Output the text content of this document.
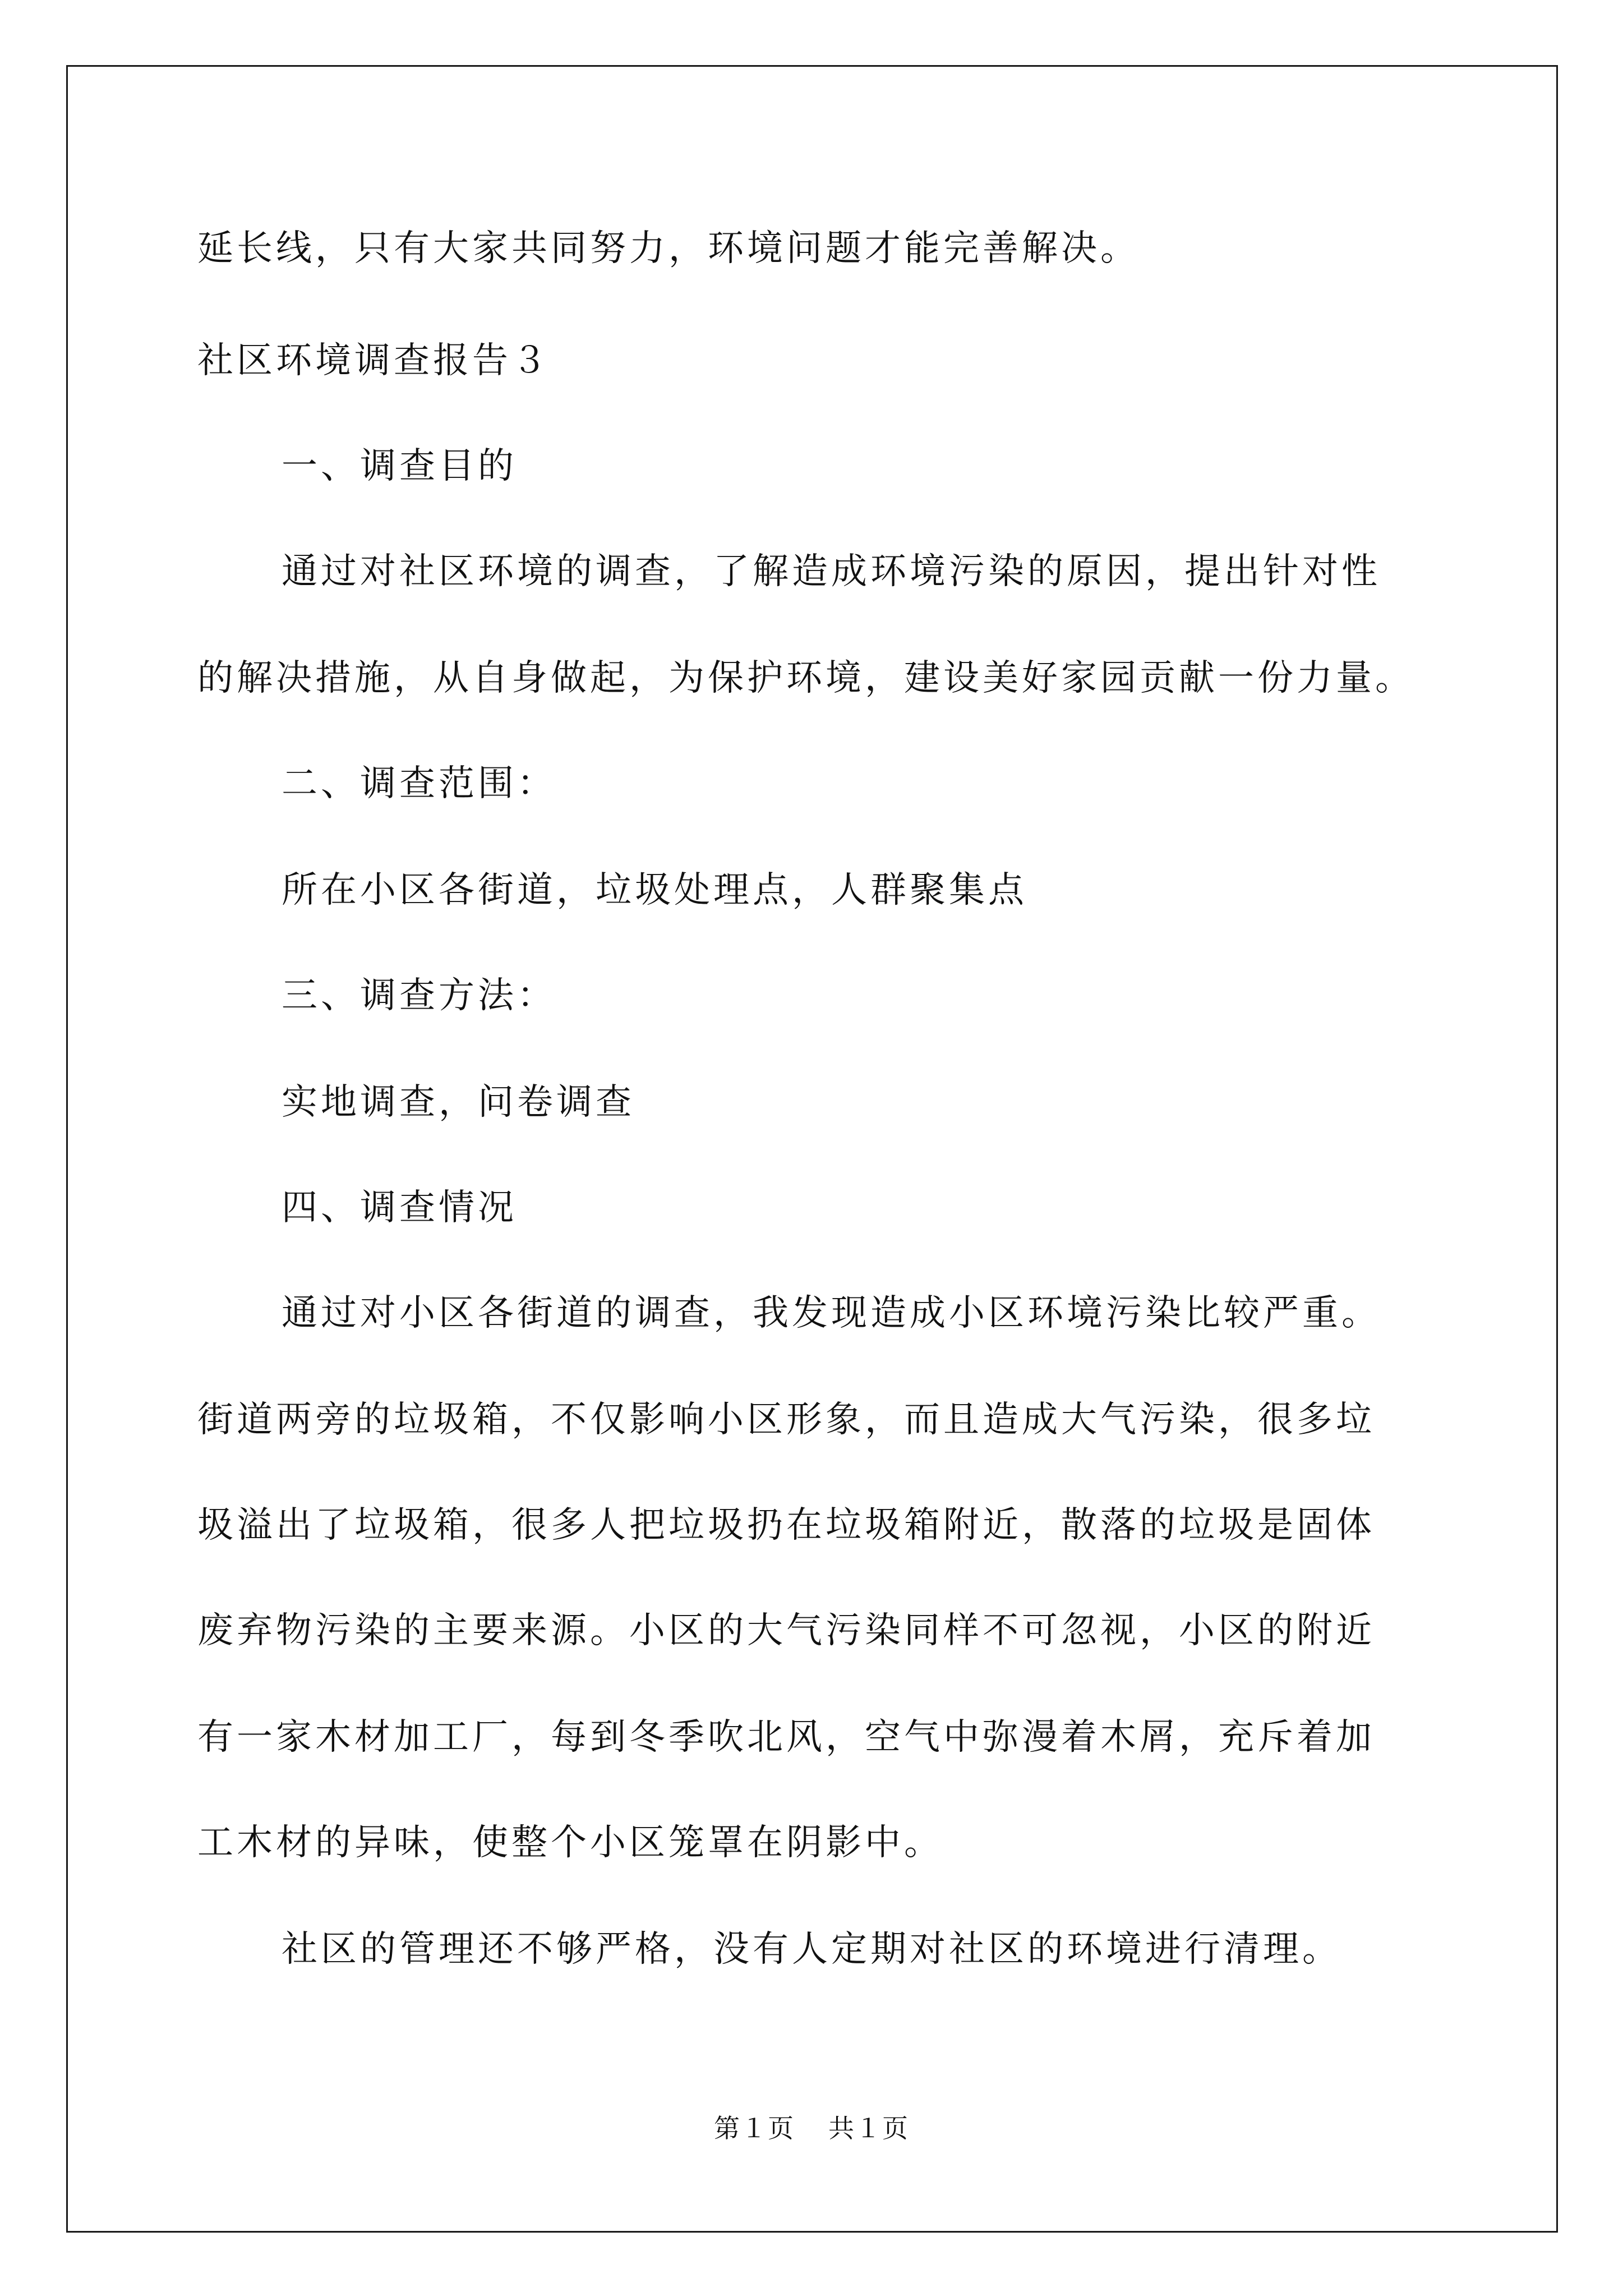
延长线，只有大家共同努力，环境问题才能完善解决。
社区环境调查报告３
一、调查目的
通过对社区环境的调查，了解造成环境污染的原因，提出针对性
的解决措施，从自身做起，为保护环境，建设美好家园贡献一份力量。
二、调查范围：
所在小区各街道，垃圾处理点，人群聚集点
三、调查方法：
实地调查，问卷调查
四、调查情况
通过对小区各街道的调查，我发现造成小区环境污染比较严重。
街道两旁的垃圾箱，不仅影响小区形象，而且造成大气污染，很多垃
圾溢出了垃圾箱，很多人把垃圾扔在垃圾箱附近，散落的垃圾是固体
废弃物污染的主要来源。小区的大气污染同样不可忽视，小区的附近
有一家木材加工厂，每到冬季吹北风，空气中弥漫着木屑，充斥着加
工木材的异味，使整个小区笼罩在阴影中。
社区的管理还不够严格，没有人定期对社区的环境进行清理。
第１页 共１页
